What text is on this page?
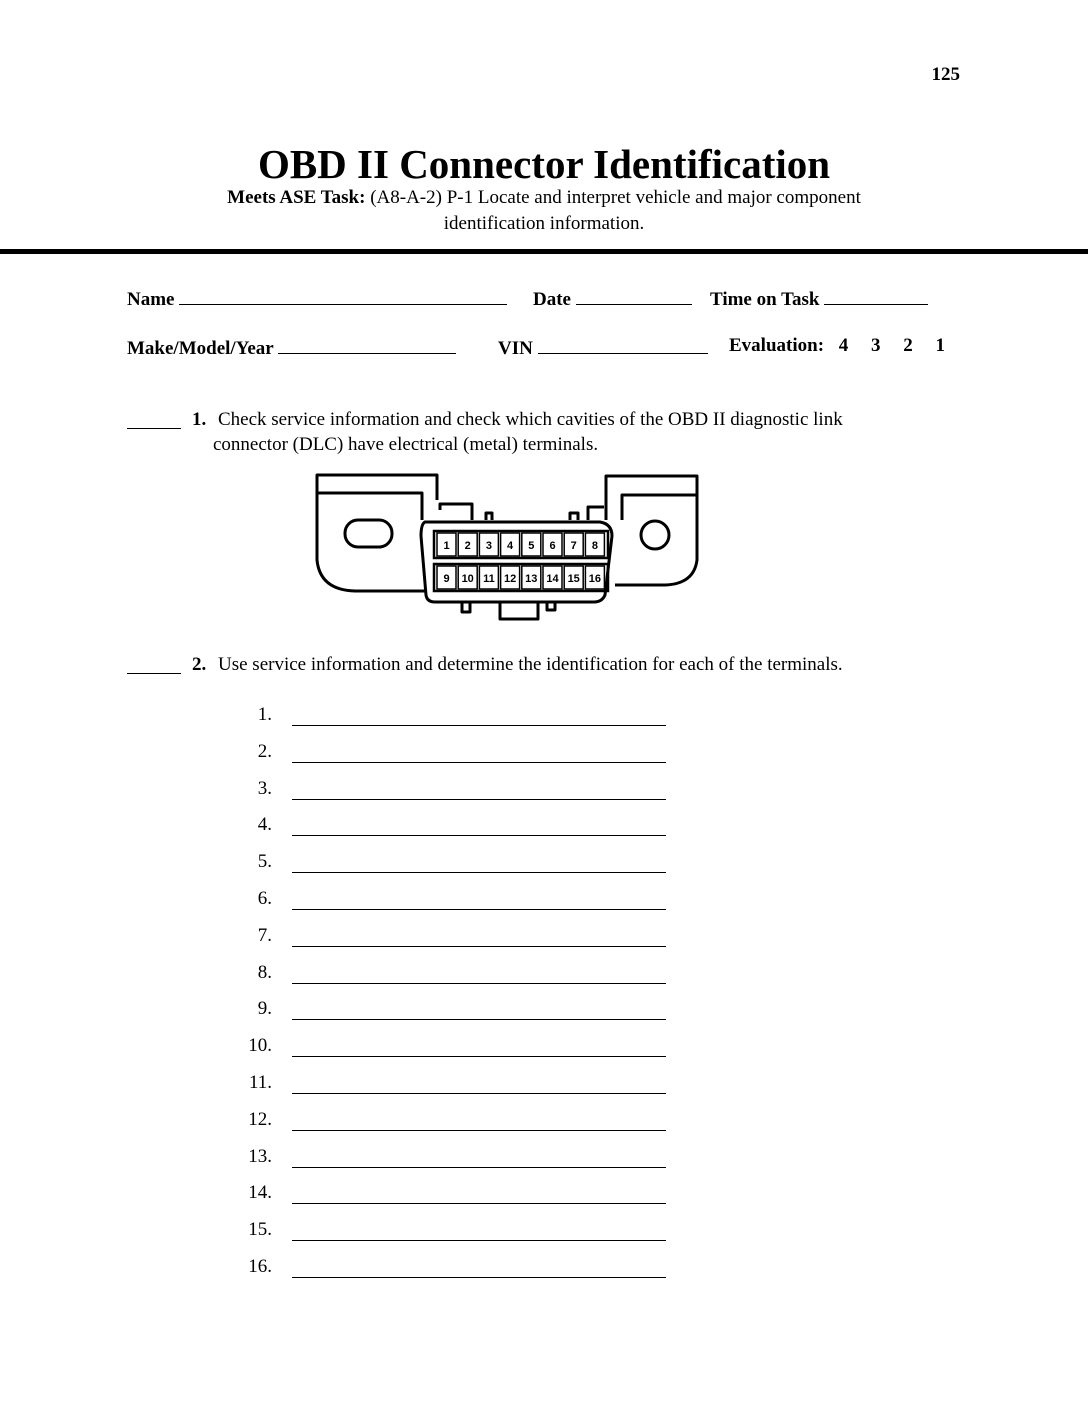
125
OBD II Connector Identification
Meets ASE Task: (A8-A-2) P-1 Locate and interpret vehicle and major component
identification information.
Name	Date	Time on Task
Make/Model/Year	VIN	Evaluation: 4 3 2 1
1. Check service information and check which cavities of the OBD II diagnostic link
connector (DLC) have electrical (metal) terminals.
1 2 3 4 5 6 7 8
9 10 11 12 13 14 15 16
2. Use service information and determine the identification for each of the terminals.
1.
2.
3.
4.
5.
6.
7.
8.
9.
10.
11.
12.
13.
14.
15.
16.
